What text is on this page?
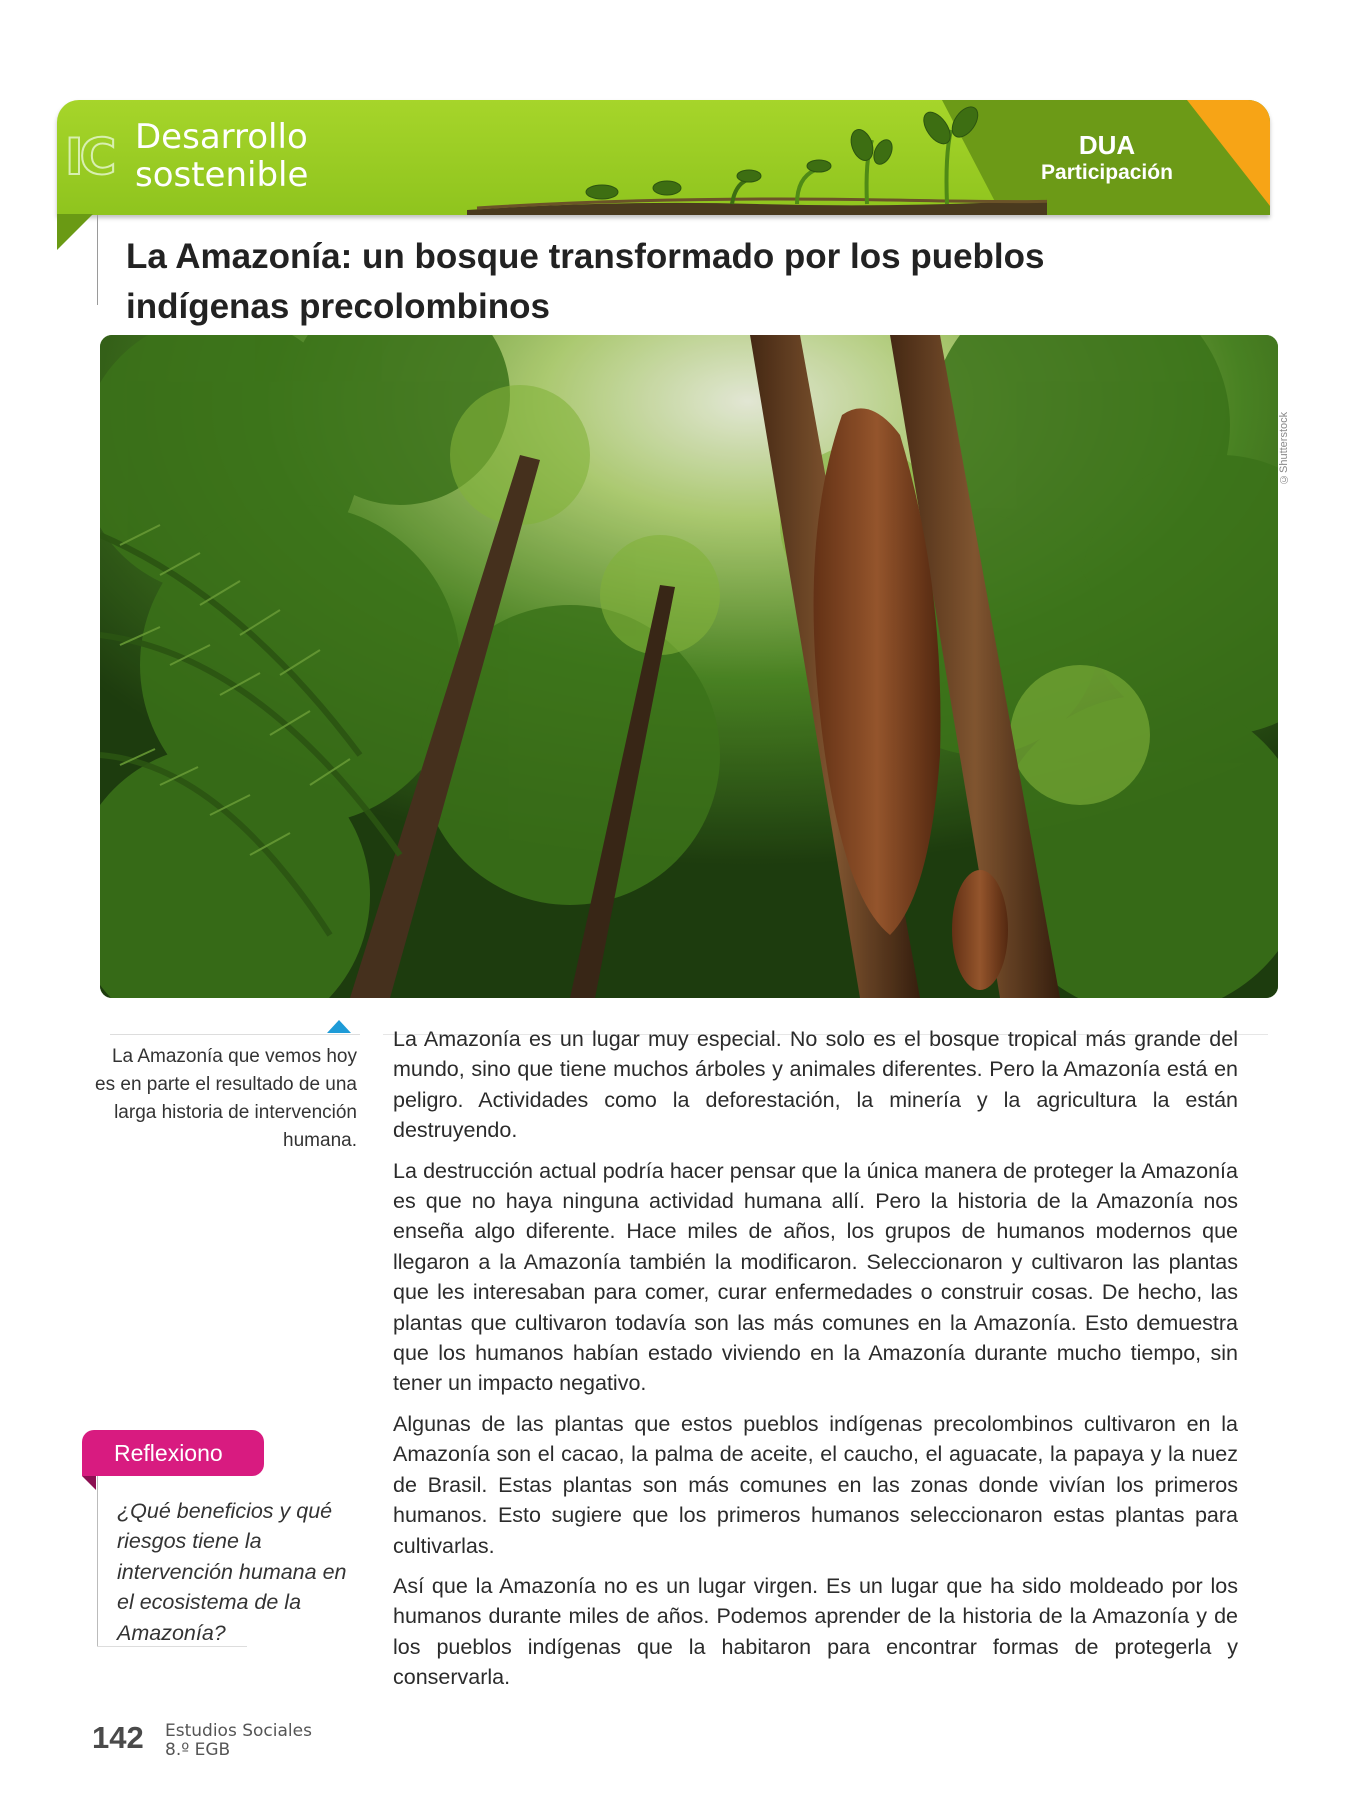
IC Desarrollo
sostenible
DUA
Participación
La Amazonía: un bosque transformado por los pueblos
indígenas precolombinos
©Shutterstock

La Amazonía que vemos hoy es en parte el resultado de una larga historia de intervención humana.

La Amazonía es un lugar muy especial. No solo es el bosque tropical más grande del mundo, sino que tiene muchos árboles y animales diferentes. Pero la Amazonía está en peligro. Actividades como la deforestación, la minería y la agricultura la están destruyendo.

La destrucción actual podría hacer pensar que la única manera de proteger la Amazonía es que no haya ninguna actividad humana allí. Pero la historia de la Amazonía nos enseña algo diferente. Hace miles de años, los grupos de humanos modernos que llegaron a la Amazonía también la modificaron. Seleccionaron y cultivaron las plantas que les interesaban para comer, curar enfermedades o construir cosas. De hecho, las plantas que cultivaron todavía son las más comunes en la Amazonía. Esto demuestra que los humanos habían estado viviendo en la Amazonía durante mucho tiempo, sin tener un impacto negativo.

Algunas de las plantas que estos pueblos indígenas precolombinos cultivaron en la Amazonía son el cacao, la palma de aceite, el caucho, el aguacate, la papaya y la nuez de Brasil. Estas plantas son más comunes en las zonas donde vivían los primeros humanos. Esto sugiere que los primeros humanos seleccionaron estas plantas para cultivarlas.

Así que la Amazonía no es un lugar virgen. Es un lugar que ha sido moldeado por los humanos durante miles de años. Podemos aprender de la historia de la Amazonía y de los pueblos indígenas que la habitaron para encontrar formas de protegerla y conservarla.

Reflexiono

¿Qué beneficios y qué riesgos tiene la intervención humana en el ecosistema de la Amazonía?

142 Estudios Sociales
8.º EGB
